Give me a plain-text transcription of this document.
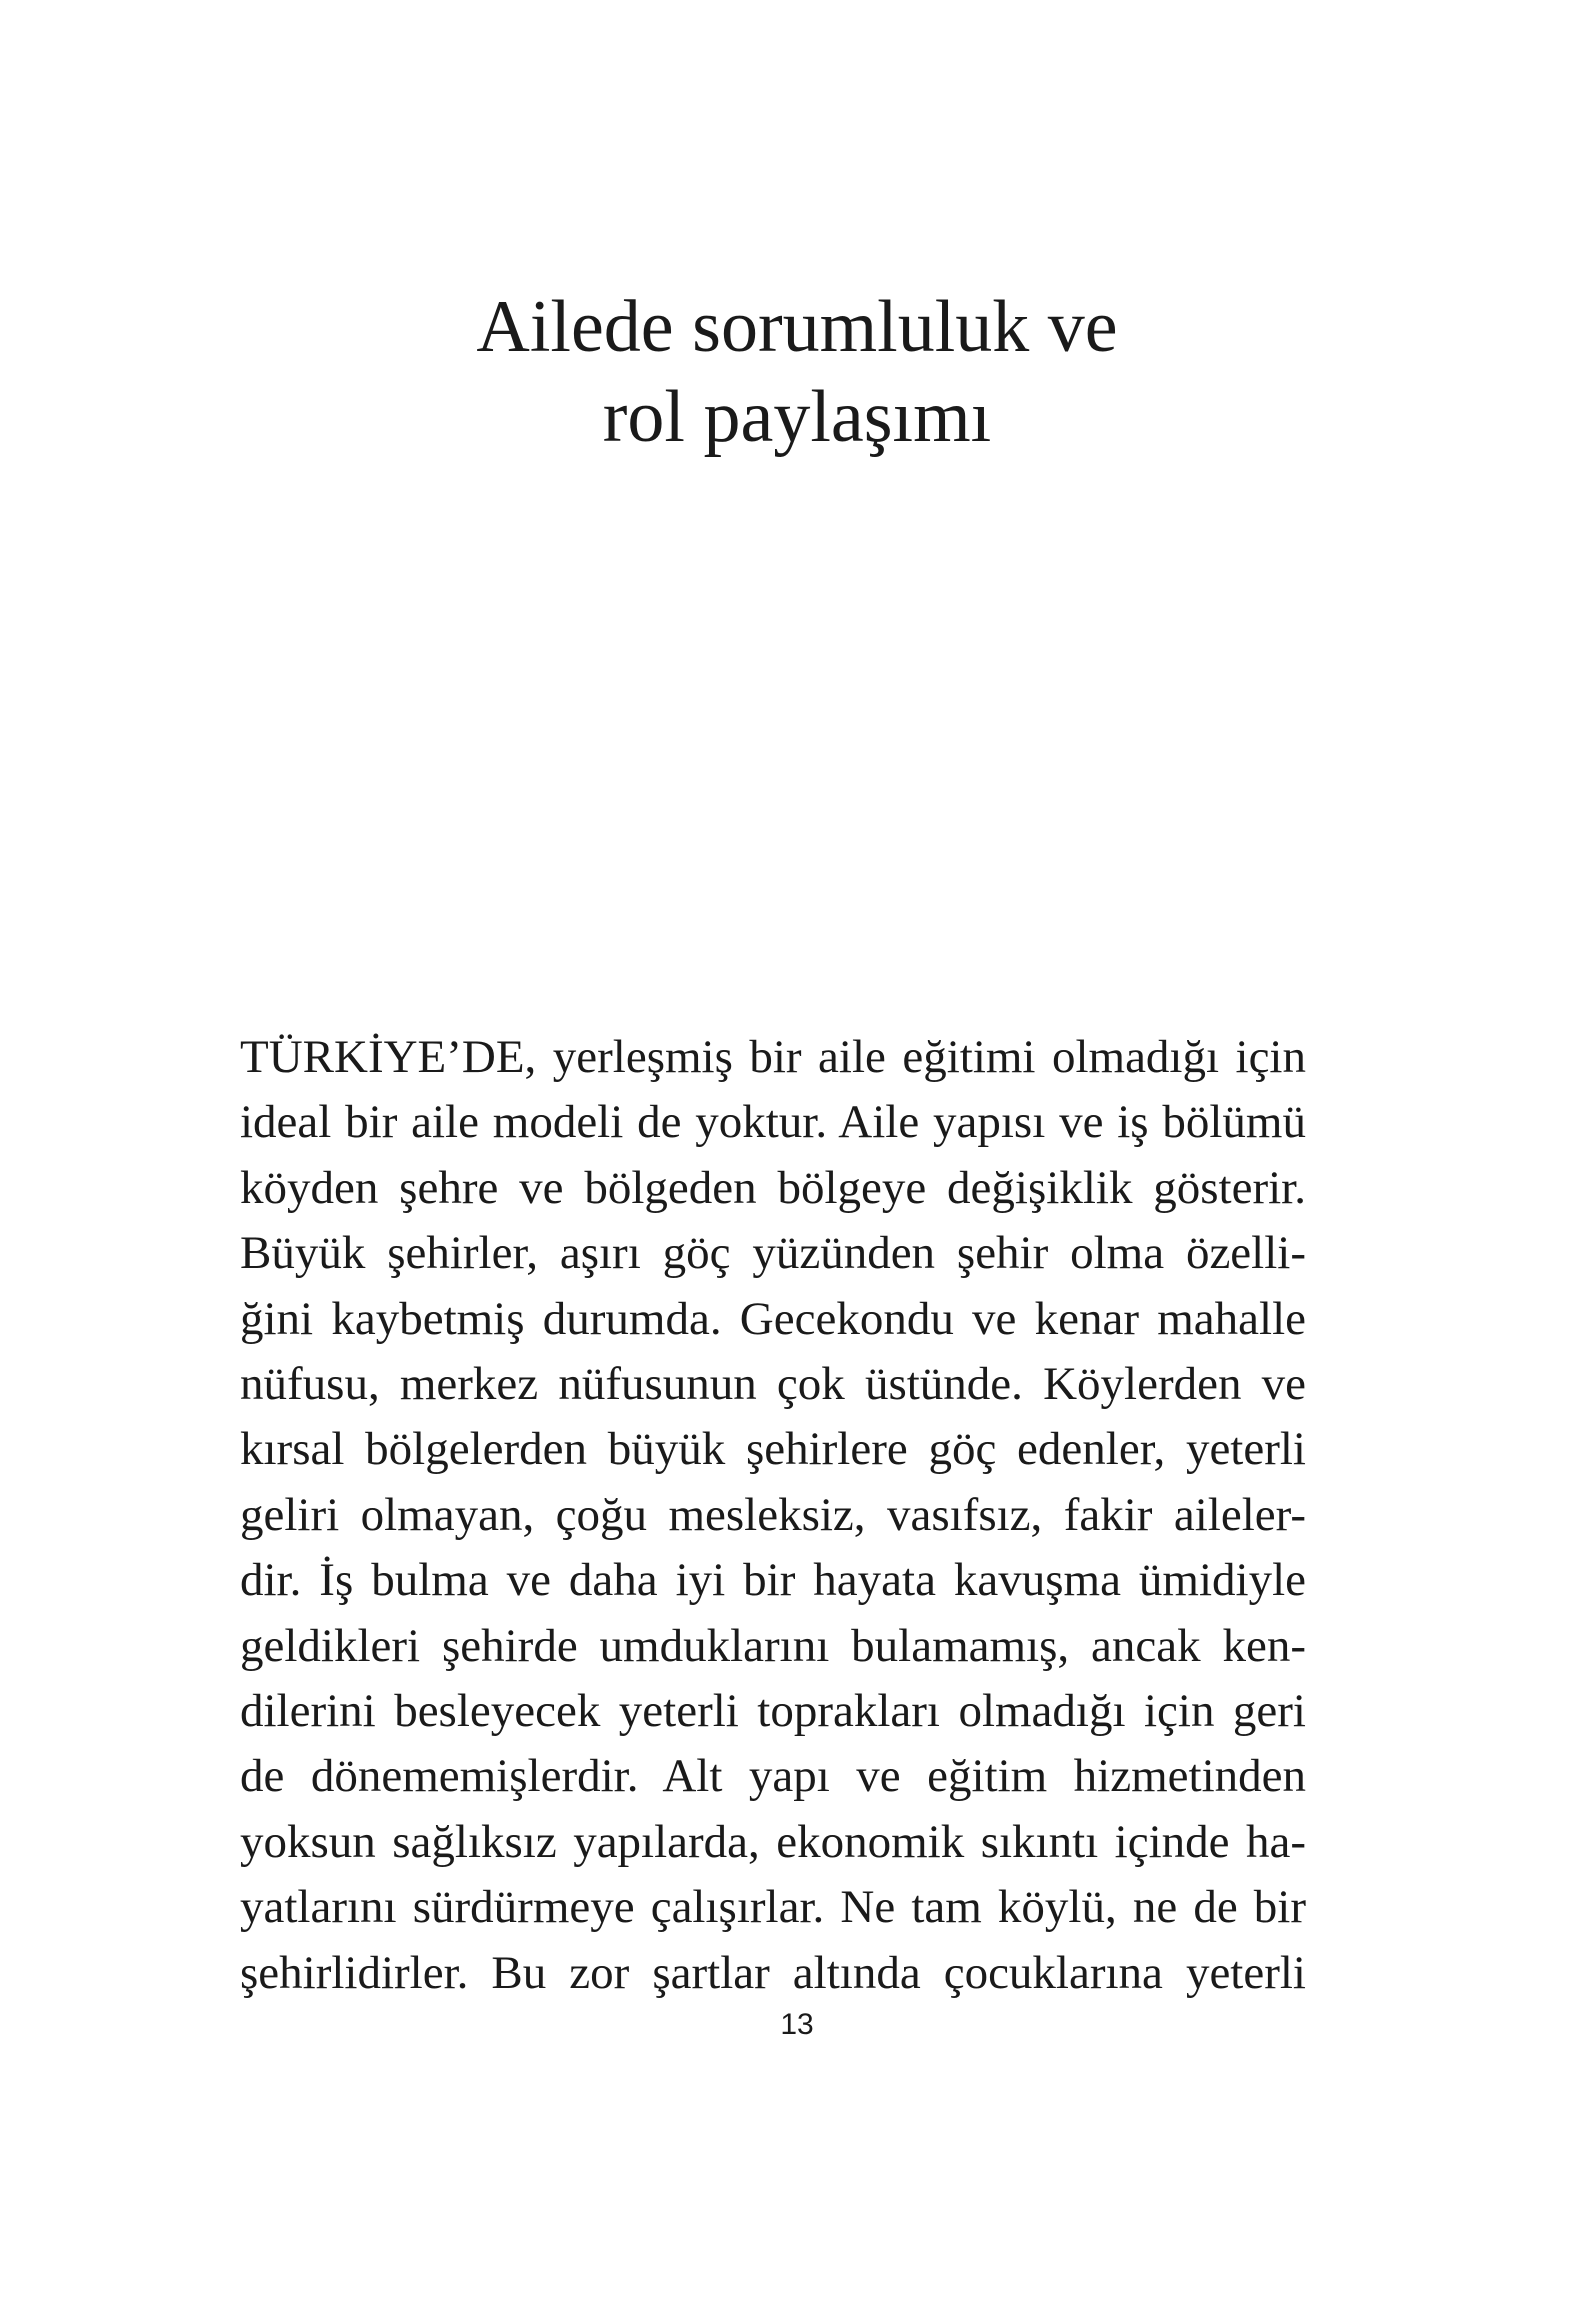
Ailede sorumluluk ve
rol paylaşımı
TÜRKİYE’DE, yerleşmiş bir aile eğitimi olmadığı için
ideal bir aile modeli de yoktur. Aile yapısı ve iş bölümü
köyden şehre ve bölgeden bölgeye değişiklik gösterir.
Büyük şehirler, aşırı göç yüzünden şehir olma özelli-
ğini kaybetmiş durumda. Gecekondu ve kenar mahalle
nüfusu, merkez nüfusunun çok üstünde. Köylerden ve
kırsal bölgelerden büyük şehirlere göç edenler, yeterli
geliri olmayan, çoğu mesleksiz, vasıfsız, fakir aileler-
dir. İş bulma ve daha iyi bir hayata kavuşma ümidiyle
geldikleri şehirde umduklarını bulamamış, ancak ken-
dilerini besleyecek yeterli toprakları olmadığı için geri
de dönememişlerdir. Alt yapı ve eğitim hizmetinden
yoksun sağlıksız yapılarda, ekonomik sıkıntı içinde ha-
yatlarını sürdürmeye çalışırlar. Ne tam köylü, ne de bir
şehirlidirler. Bu zor şartlar altında çocuklarına yeterli
13
